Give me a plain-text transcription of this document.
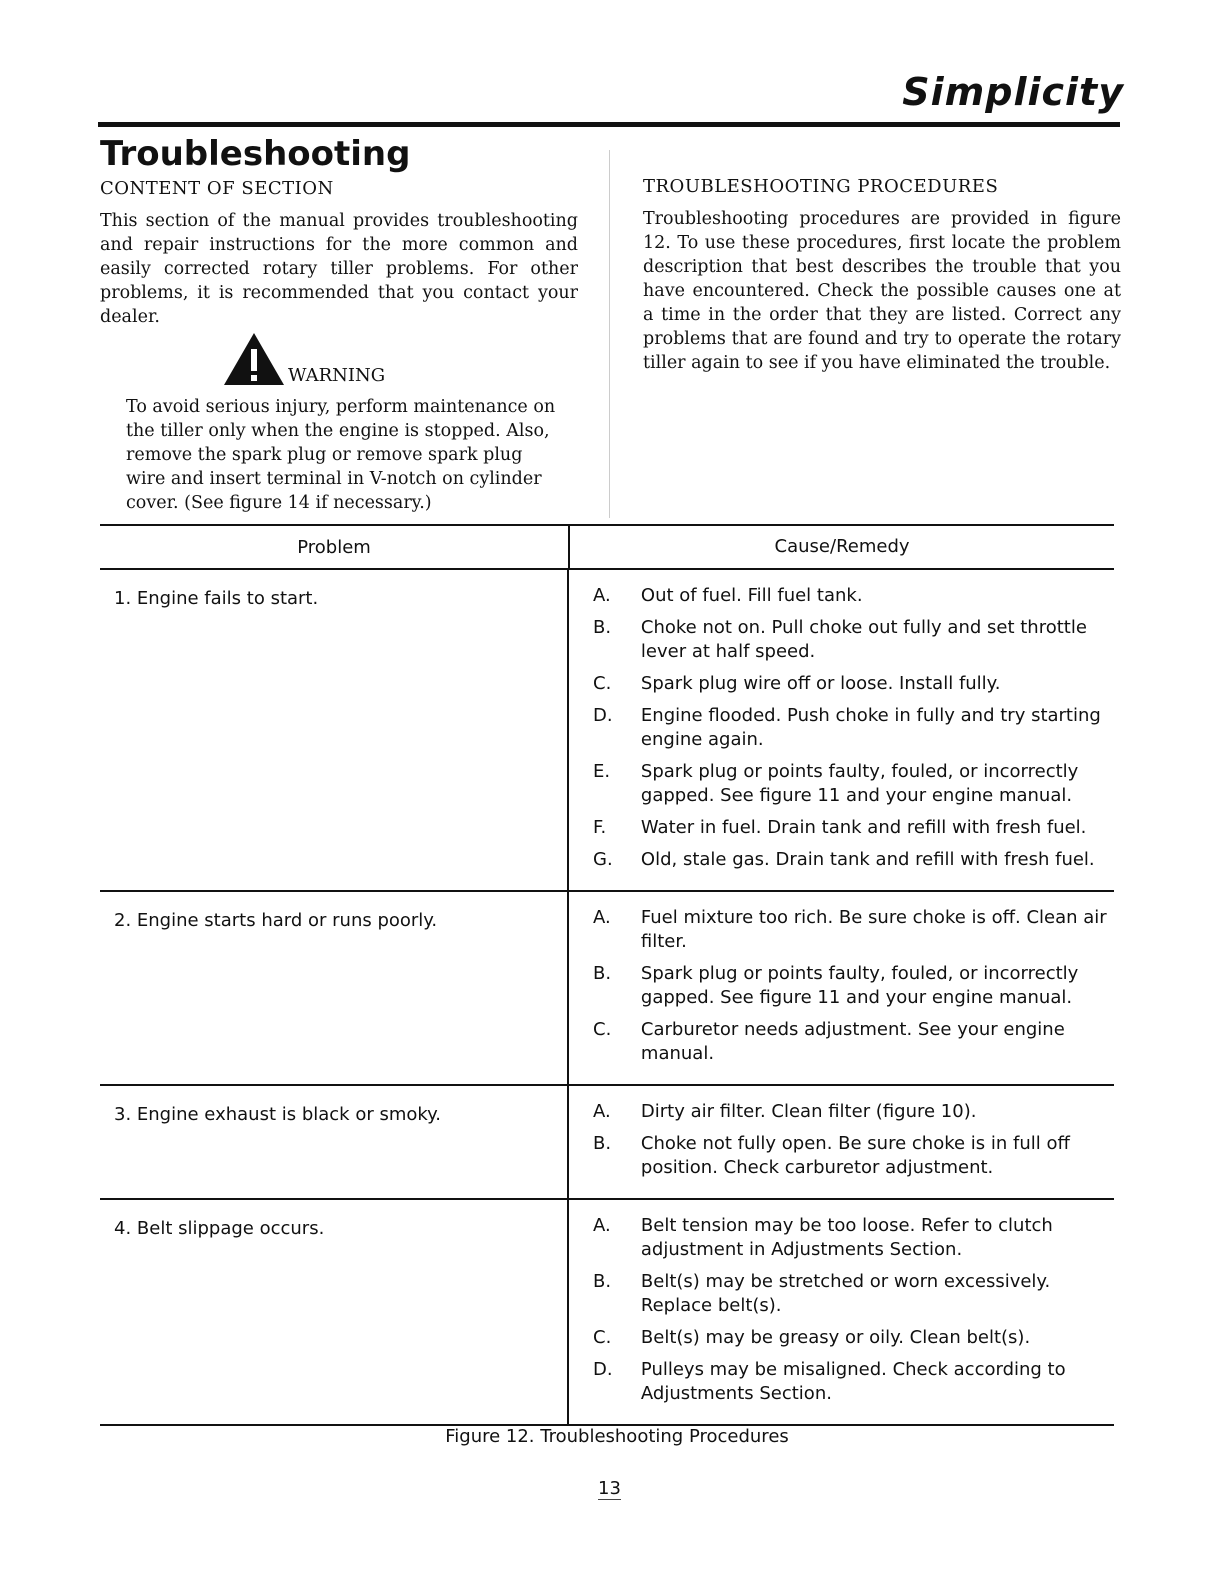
Simplicity
Troubleshooting

CONTENT OF SECTION

This section of the manual provides troubleshooting and repair instructions for the more common and easily corrected rotary tiller problems. For other problems, it is recommended that you contact your dealer.

WARNING

To avoid serious injury, perform maintenance on the tiller only when the engine is stopped. Also, remove the spark plug or remove spark plug wire and insert terminal in V-notch on cylinder cover. (See figure 14 if necessary.)

TROUBLESHOOTING PROCEDURES

Troubleshooting procedures are provided in figure 12. To use these procedures, first locate the problem description that best describes the trouble that you have encountered. Check the possible causes one at a time in the order that they are listed. Correct any problems that are found and try to operate the rotary tiller again to see if you have eliminated the trouble.

Problem	Cause/Remedy
1. Engine fails to start.	A. Out of fuel. Fill fuel tank.
B. Choke not on. Pull choke out fully and set throttle lever at half speed.
C. Spark plug wire off or loose. Install fully.
D. Engine flooded. Push choke in fully and try starting engine again.
E. Spark plug or points faulty, fouled, or incorrectly gapped. See figure 11 and your engine manual.
F.	Water in fuel. Drain tank and refill with fresh fuel.
G. Old, stale gas. Drain tank and refill with fresh fuel.
2. Engine starts hard or runs poorly.	A. Fuel mixture too rich. Be sure choke is off. Clean air filter.
B. Spark plug or points faulty, fouled, or incorrectly gapped. See figure 11 and your engine manual.
C. Carburetor needs adjustment. See your engine manual.
3. Engine exhaust is black or smoky.	A. Dirty air filter. Clean filter (figure 10).
B. Choke not fully open. Be sure choke is in full off position. Check carburetor adjustment.
4. Belt slippage occurs.	A. Belt tension may be too loose. Refer to clutch adjustment in Adjustments Section.
B. Belt(s) may be stretched or worn excessively. Replace belt(s).
C. Belt(s) may be greasy or oily. Clean belt(s).
D. Pulleys may be misaligned. Check according to Adjustments Section.
Figure 12. Troubleshooting Procedures
13
